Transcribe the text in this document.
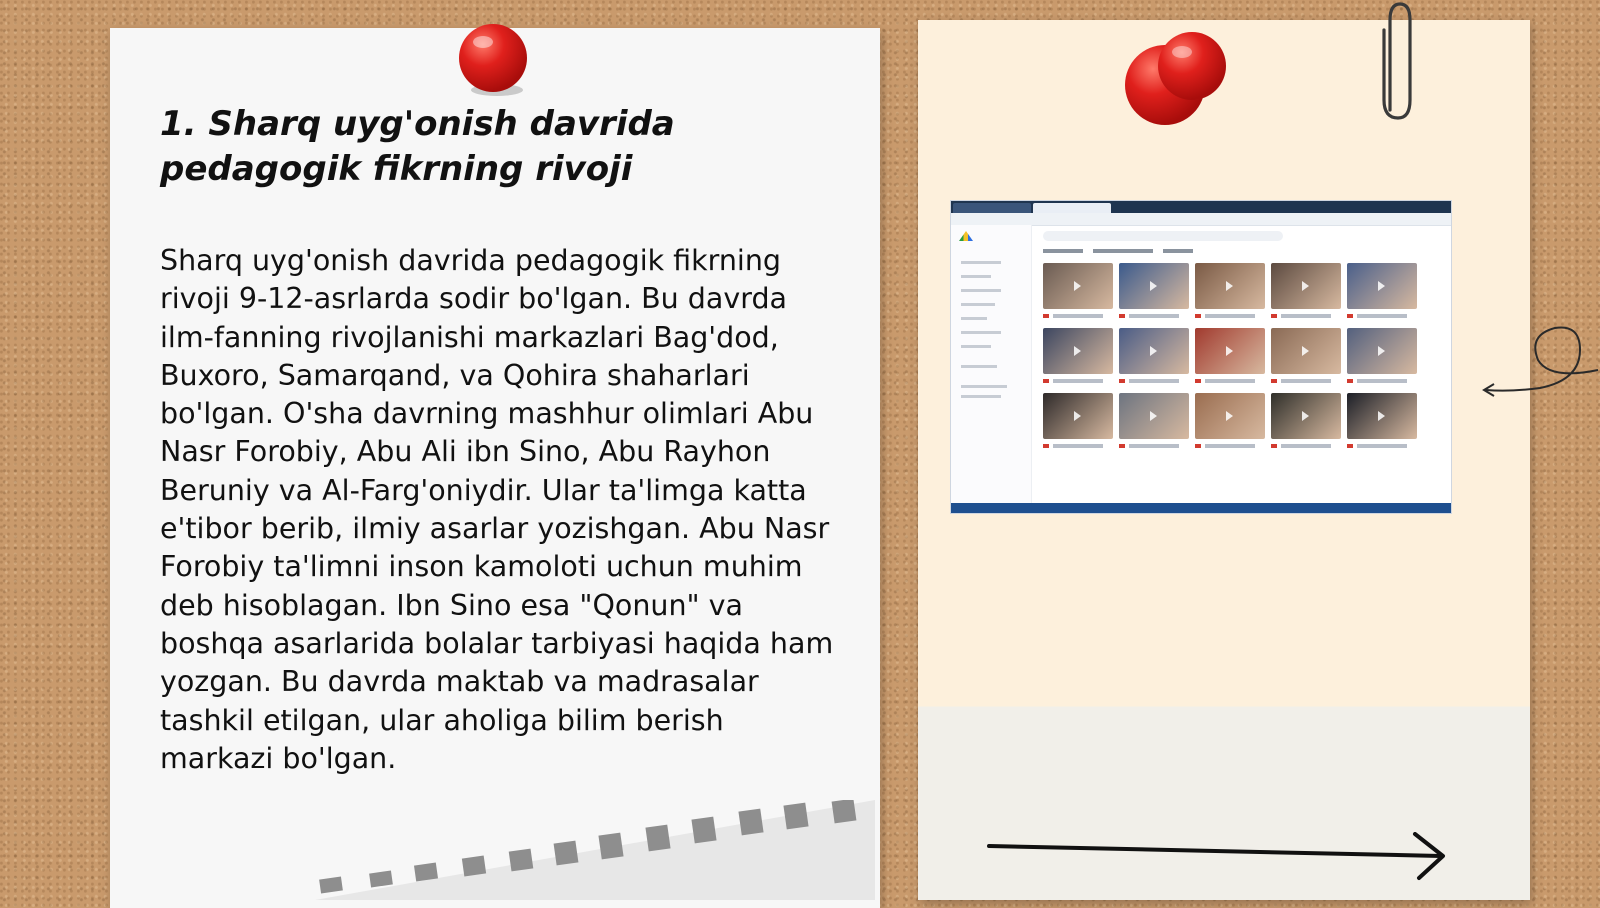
1. Sharq uyg'onish davrida pedagogik fikrning rivoji

Sharq uyg'onish davrida pedagogik fikrning rivoji 9-12-asrlarda sodir bo'lgan. Bu davrda ilm-fanning rivojlanishi markazlari Bag'dod, Buxoro, Samarqand, va Qohira shaharlari bo'lgan. O'sha davrning mashhur olimlari Abu Nasr Forobiy, Abu Ali ibn Sino, Abu Rayhon Beruniy va Al-Farg'oniydir. Ular ta'limga katta e'tibor berib, ilmiy asarlar yozishgan. Abu Nasr Forobiy ta'limni inson kamoloti uchun muhim deb hisoblagan. Ibn Sino esa "Qonun" va boshqa asarlarida bolalar tarbiyasi haqida ham yozgan. Bu davrda maktab va madrasalar tashkil etilgan, ular aholiga bilim berish markazi bo'lgan.
